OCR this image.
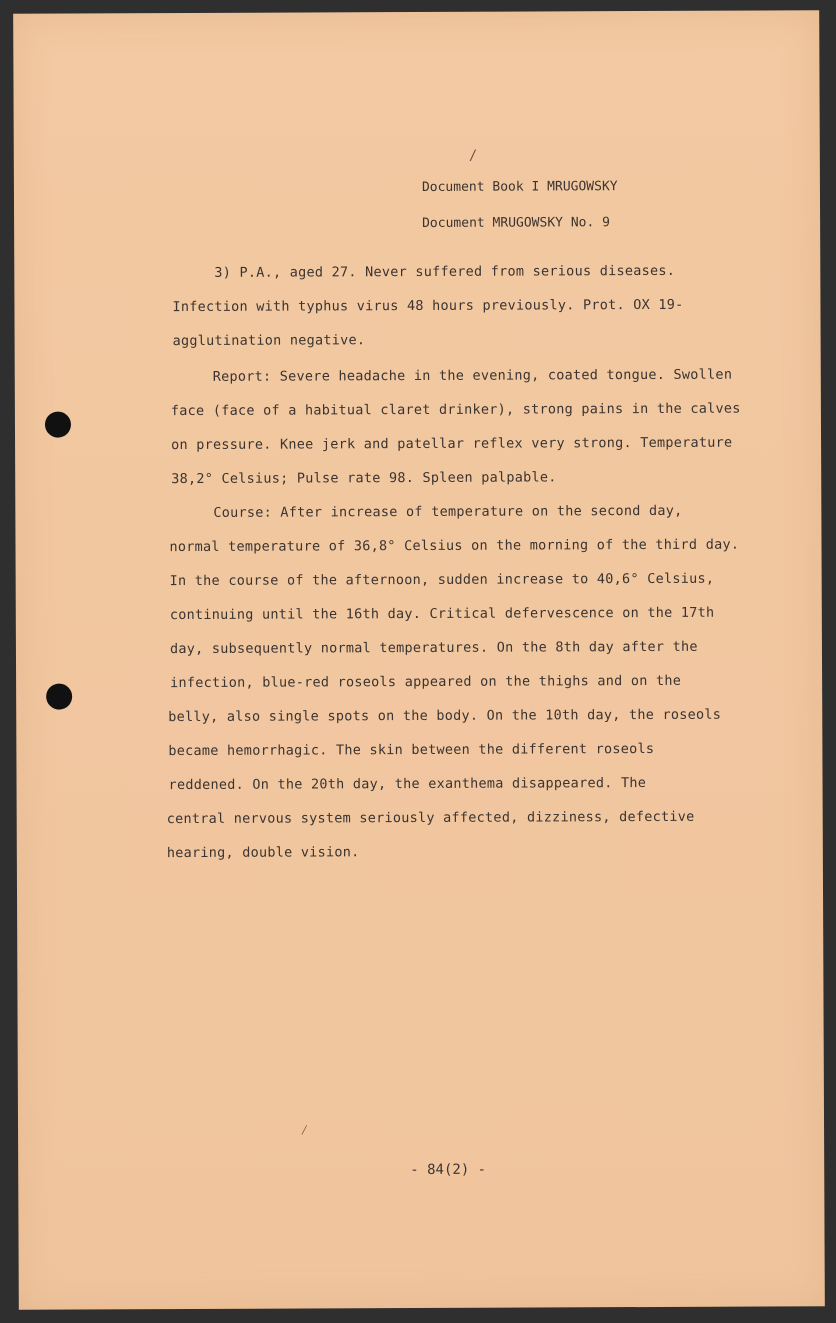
/
⁄
Document Book I MRUGOWSKY
Document MRUGOWSKY No. 9
3) P.A., aged 27. Never suffered from serious diseases.
Infection with typhus virus 48 hours previously. Prot. OX 19-
agglutination negative.
Report: Severe headache in the evening, coated tongue. Swollen
face (face of a habitual claret drinker), strong pains in the calves
on pressure. Knee jerk and patellar reflex very strong. Temperature
38,2° Celsius; Pulse rate 98. Spleen palpable.
Course: After increase of temperature on the second day,
normal temperature of 36,8° Celsius on the morning of the third day.
In the course of the afternoon, sudden increase to 40,6° Celsius,
continuing until the 16th day. Critical defervescence on the 17th
day, subsequently normal temperatures. On the 8th day after the
infection, blue-red roseols appeared on the thighs and on the
belly, also single spots on the body. On the 10th day, the roseols
became hemorrhagic. The skin between the different roseols
reddened. On the 20th day, the exanthema disappeared. The
central nervous system seriously affected, dizziness, defective
hearing, double vision.
- 84(2) -
